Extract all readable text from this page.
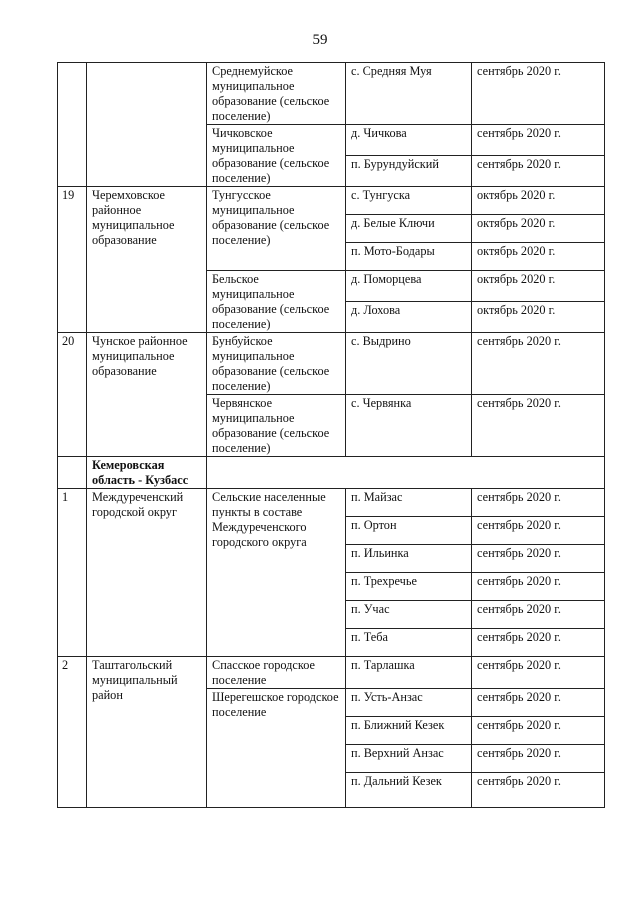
59
		Среднемуйское муниципальное образование (сельское поселение)	с. Средняя Муя	сентябрь 2020 г.
		Чичковское муниципальное образование (сельское поселение)	д. Чичкова	сентябрь 2020 г.
			п. Бурундуйский	сентябрь 2020 г.
19	Черемховское районное муниципальное образование	Тунгусское муниципальное образование (сельское поселение)	с. Тунгуска	октябрь 2020 г.
			д. Белые Ключи	октябрь 2020 г.
			п. Мото-Бодары	октябрь 2020 г.
		Бельское муниципальное образование (сельское поселение)	д. Поморцева	октябрь 2020 г.
			д. Лохова	октябрь 2020 г.
20	Чунское районное муниципальное образование	Бунбуйское муниципальное образование (сельское поселение)	с. Выдрино	сентябрь 2020 г.
		Червянское муниципальное образование (сельское поселение)	с. Червянка	сентябрь 2020 г.
	Кемеровская область - Кузбасс			
1	Междуреченский городской округ	Сельские населенные пункты в составе Междуреченского городского округа	п. Майзас	сентябрь 2020 г.
			п. Ортон	сентябрь 2020 г.
			п. Ильинка	сентябрь 2020 г.
			п. Трехречье	сентябрь 2020 г.
			п. Учас	сентябрь 2020 г.
			п. Теба	сентябрь 2020 г.
2	Таштагольский муниципальный район	Спасское городское поселение	п. Тарлашка	сентябрь 2020 г.
		Шерегешское городское поселение	п. Усть-Анзас	сентябрь 2020 г.
			п. Ближний Кезек	сентябрь 2020 г.
			п. Верхний Анзас	сентябрь 2020 г.
			п. Дальний Кезек	сентябрь 2020 г.
